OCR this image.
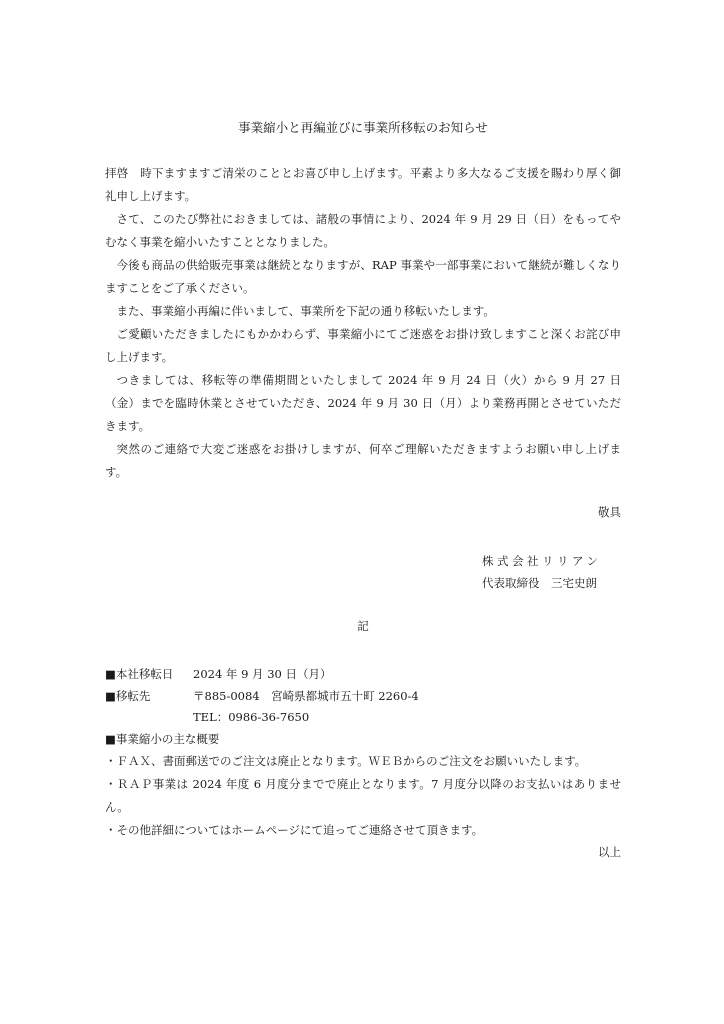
事業縮小と再編並びに事業所移転のお知らせ

拝啓　時下ますますご清栄のこととお喜び申し上げます。平素より多大なるご支援を賜わり厚く御礼申し上げます。

さて、このたび弊社におきましては、諸般の事情により、2024 年 9 月 29 日（日）をもってやむなく事業を縮小いたすこととなりました。

今後も商品の供給販売事業は継続となりますが、RAP 事業や一部事業において継続が難しくなりますことをご了承ください。

また、事業縮小再編に伴いまして、事業所を下記の通り移転いたします。

ご愛顧いただきましたにもかかわらず、事業縮小にてご迷惑をお掛け致しますこと深くお詫び申し上げます。

つきましては、移転等の準備期間といたしまして 2024 年 9 月 24 日（火）から 9 月 27 日（金）までを臨時休業とさせていただき、2024 年 9 月 30 日（月）より業務再開とさせていただきます。

突然のご連絡で大変ご迷惑をお掛けしますが、何卒ご理解いただきますようお願い申し上げます。

敬具
株式会社リリアン
代表取締役　三宅史朗
記
■本社移転日	2024 年 9 月 30 日（月）
■移転先	〒885-0084　宮崎県都城市五十町 2260-4
TEL：0986-36-7650
■事業縮小の主な概要
・ＦＡＸ、書面郵送でのご注文は廃止となります。ＷＥＢからのご注文をお願いいたします。
・ＲＡＰ事業は 2024 年度 6 月度分までで廃止となります。7 月度分以降のお支払いはありません。
・その他詳細についてはホームページにて追ってご連絡させて頂きます。
以上
